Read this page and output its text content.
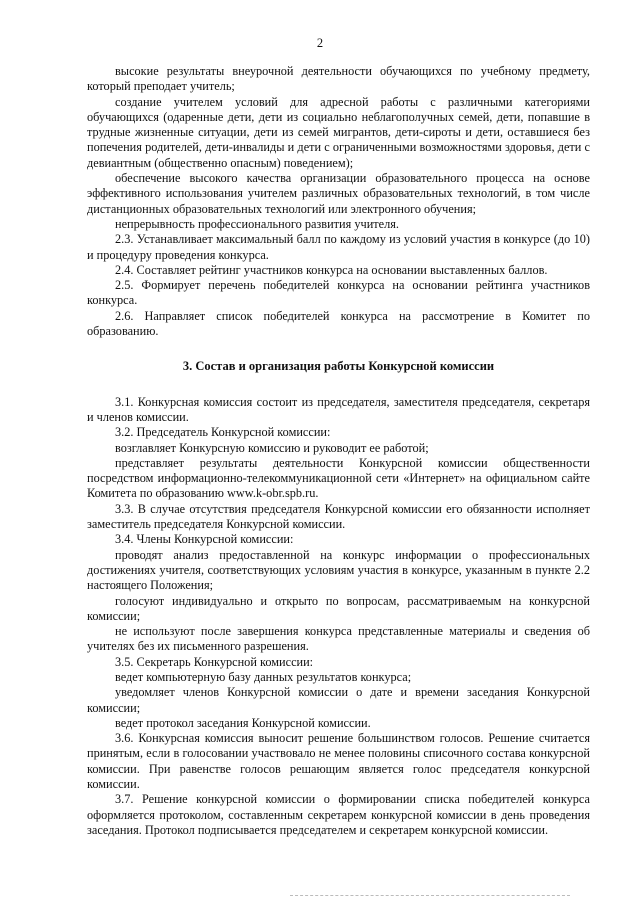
2

высокие результаты внеурочной деятельности обучающихся по учебному предмету, который преподает учитель;

создание учителем условий для адресной работы с различными категориями обучающихся (одаренные дети, дети из социально неблагополучных семей, дети, попавшие в трудные жизненные ситуации, дети из семей мигрантов, дети-сироты и дети, оставшиеся без попечения родителей, дети-инвалиды и дети с ограниченными возможностями здоровья, дети с девиантным (общественно опасным) поведением);

обеспечение высокого качества организации образовательного процесса на основе эффективного использования учителем различных образовательных технологий, в том числе дистанционных образовательных технологий или электронного обучения;

непрерывность профессионального развития учителя.

2.3. Устанавливает максимальный балл по каждому из условий участия в конкурсе (до 10) и процедуру проведения конкурса.

2.4. Составляет рейтинг участников конкурса на основании выставленных баллов.

2.5. Формирует перечень победителей конкурса на основании рейтинга участников конкурса.

2.6. Направляет список победителей конкурса на рассмотрение в Комитет по образованию.

3. Состав и организация работы Конкурсной комиссии

3.1. Конкурсная комиссия состоит из председателя, заместителя председателя, секретаря и членов комиссии.

3.2. Председатель Конкурсной комиссии:

возглавляет Конкурсную комиссию и руководит ее работой;

представляет результаты деятельности Конкурсной комиссии общественности посредством информационно-телекоммуникационной сети «Интернет» на официальном сайте Комитета по образованию www.k-obr.spb.ru.

3.3. В случае отсутствия председателя Конкурсной комиссии его обязанности исполняет заместитель председателя Конкурсной комиссии.

3.4. Члены Конкурсной комиссии:

проводят анализ предоставленной на конкурс информации о профессиональных достижениях учителя, соответствующих условиям участия в конкурсе, указанным в пункте 2.2 настоящего Положения;

голосуют индивидуально и открыто по вопросам, рассматриваемым на конкурсной комиссии;

не используют после завершения конкурса представленные материалы и сведения об учителях без их письменного разрешения.

3.5. Секретарь Конкурсной комиссии:

ведет компьютерную базу данных результатов конкурса;

уведомляет членов Конкурсной комиссии о дате и времени заседания Конкурсной комиссии;

ведет протокол заседания Конкурсной комиссии.

3.6. Конкурсная комиссия выносит решение большинством голосов. Решение считается принятым, если в голосовании участвовало не менее половины списочного состава конкурсной комиссии. При равенстве голосов решающим является голос председателя конкурсной комиссии.

3.7. Решение конкурсной комиссии о формировании списка победителей конкурса оформляется протоколом, составленным секретарем конкурсной комиссии в день проведения заседания. Протокол подписывается председателем и секретарем конкурсной комиссии.
